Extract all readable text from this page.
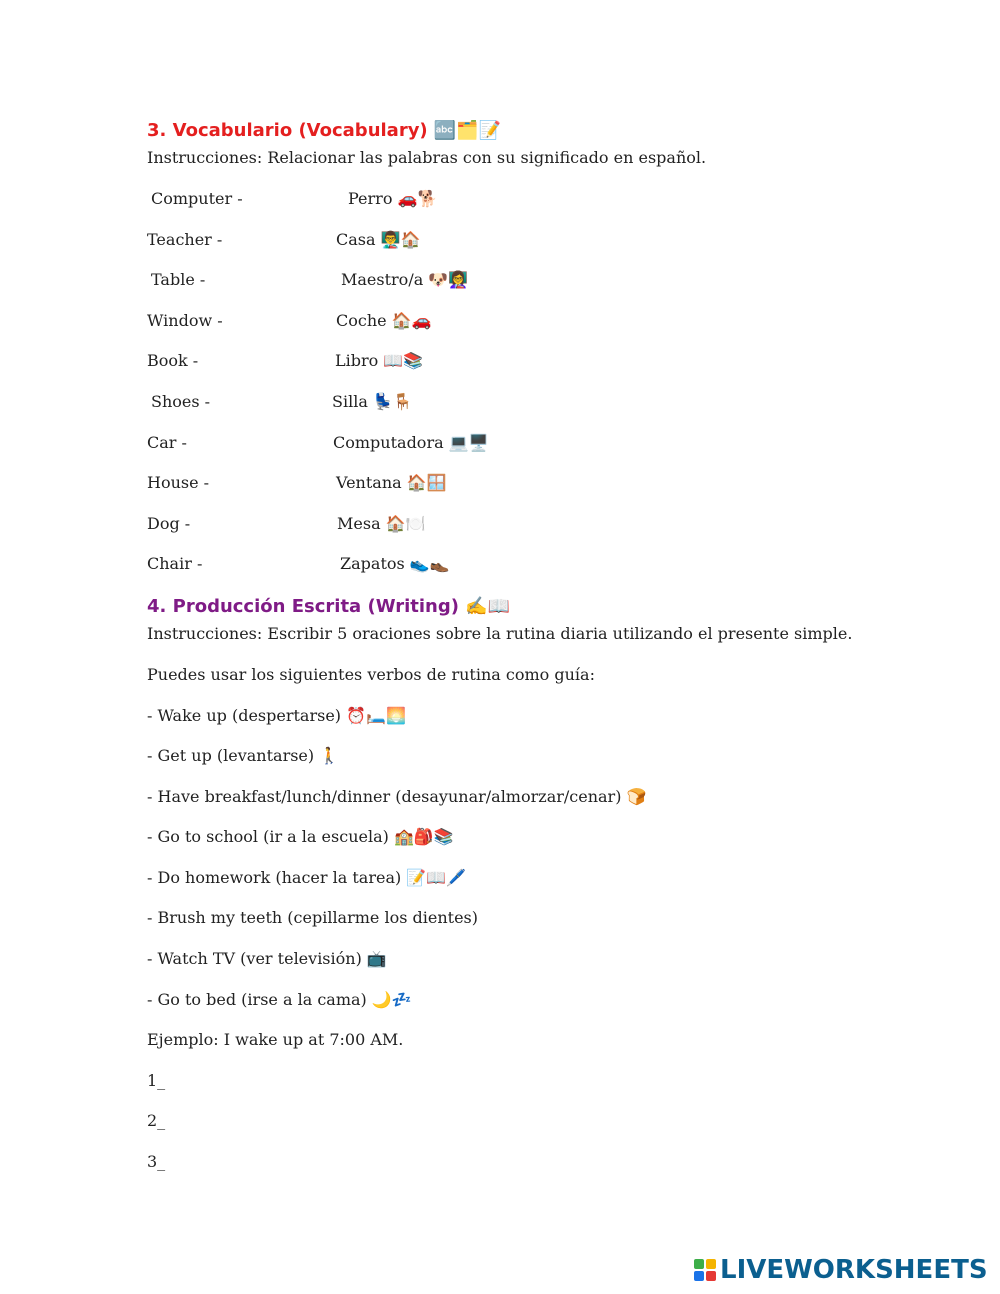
3. Vocabulario (Vocabulary) 🔤🗂️📝
Instrucciones: Relacionar las palabras con su significado en español.
Computer -	Perro 🚗🐕
Teacher -	Casa 👨‍🏫🏠
Table -	Maestro/a 🐶👩‍🏫
Window -	Coche 🏠🚗
Book -	Libro 📖📚
Shoes -	Silla 💺🪑
Car -	Computadora 💻🖥️
House -	Ventana 🏠🪟
Dog -	Mesa 🏠🍽️
Chair -	Zapatos 👟👞
4. Producción Escrita (Writing) ✍️📖
Instrucciones: Escribir 5 oraciones sobre la rutina diaria utilizando el presente simple.
Puedes usar los siguientes verbos de rutina como guía:
- Wake up (despertarse) ⏰🛏️🌅
- Get up (levantarse) 🚶
- Have breakfast/lunch/dinner (desayunar/almorzar/cenar) 🍞
- Go to school (ir a la escuela) 🏫🎒📚
- Do homework (hacer la tarea) 📝📖🖊️
- Brush my teeth (cepillarme los dientes)
- Watch TV (ver televisión) 📺
- Go to bed (irse a la cama) 🌙💤
Ejemplo: I wake up at 7:00 AM.
1_
2_
3_
LIVEWORKSHEETS
